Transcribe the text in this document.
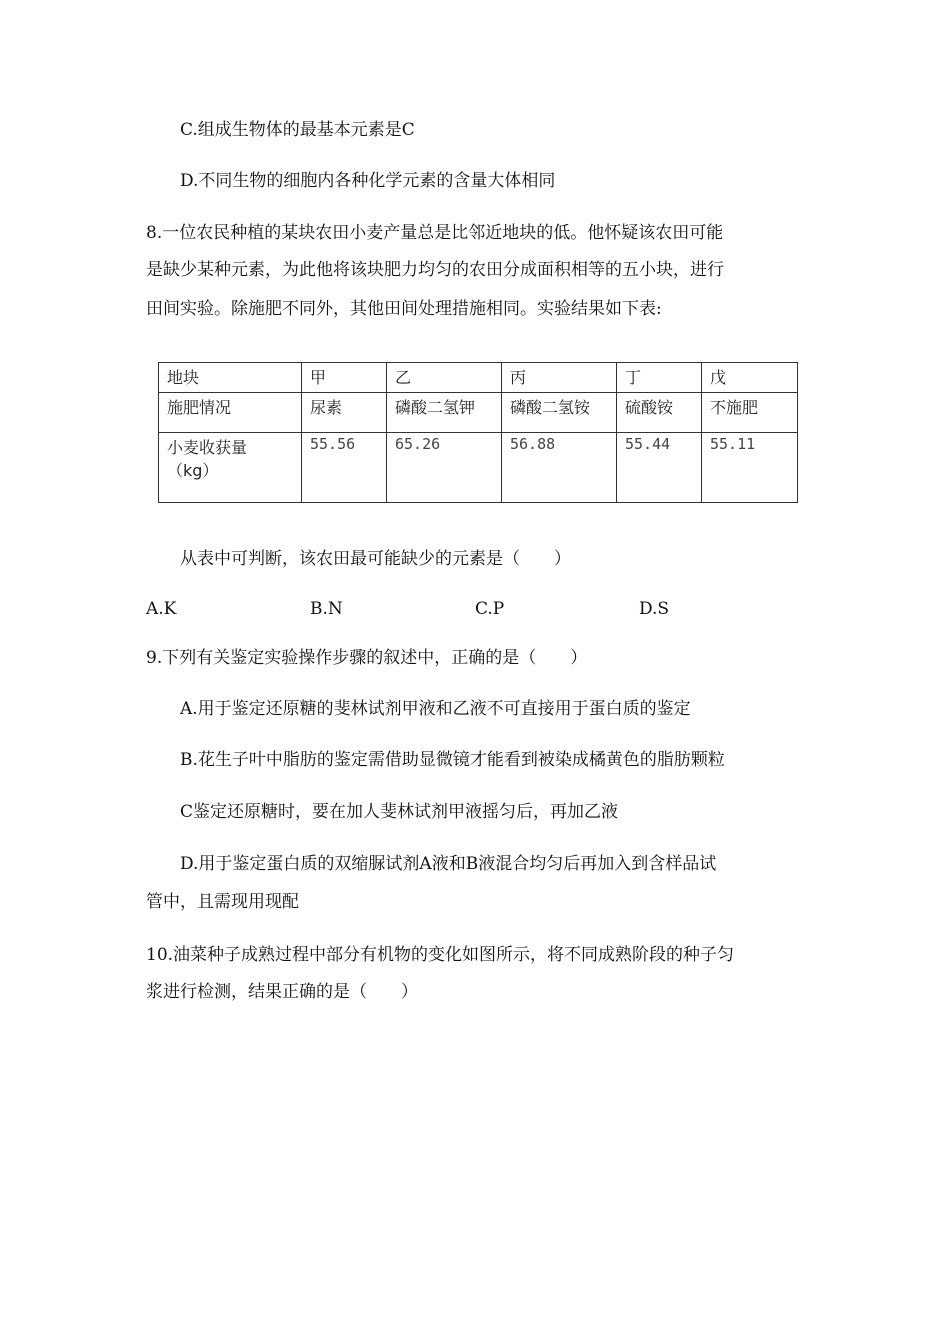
C.组成生物体的最基本元素是C
D.不同生物的细胞内各种化学元素的含量大体相同
8.一位农民种植的某块农田小麦产量总是比邻近地块的低。他怀疑该农田可能
是缺少某种元素，为此他将该块肥力均匀的农田分成面积相等的五小块，进行
田间实验。除施肥不同外，其他田间处理措施相同。实验结果如下表:
地块	甲	乙	丙	丁	戊
施肥情况	尿素	磷酸二氢钾	磷酸二氢铵	硫酸铵	不施肥

小麦收获量
（kg）	55.56	65.26	56.88	55.44	55.11
从表中可判断，该农田最可能缺少的元素是（　　）
A.K	B.N	C.P	D.S
9.下列有关鉴定实验操作步骤的叙述中，正确的是（　　）
A.用于鉴定还原糖的斐林试剂甲液和乙液不可直接用于蛋白质的鉴定
B.花生子叶中脂肪的鉴定需借助显微镜才能看到被染成橘黄色的脂肪颗粒
C鉴定还原糖时，要在加人斐林试剂甲液摇匀后，再加乙液
D.用于鉴定蛋白质的双缩脲试剂A液和B液混合均匀后再加入到含样品试
管中，且需现用现配
10.油菜种子成熟过程中部分有机物的变化如图所示，将不同成熟阶段的种子匀
浆进行检测，结果正确的是（　　）
